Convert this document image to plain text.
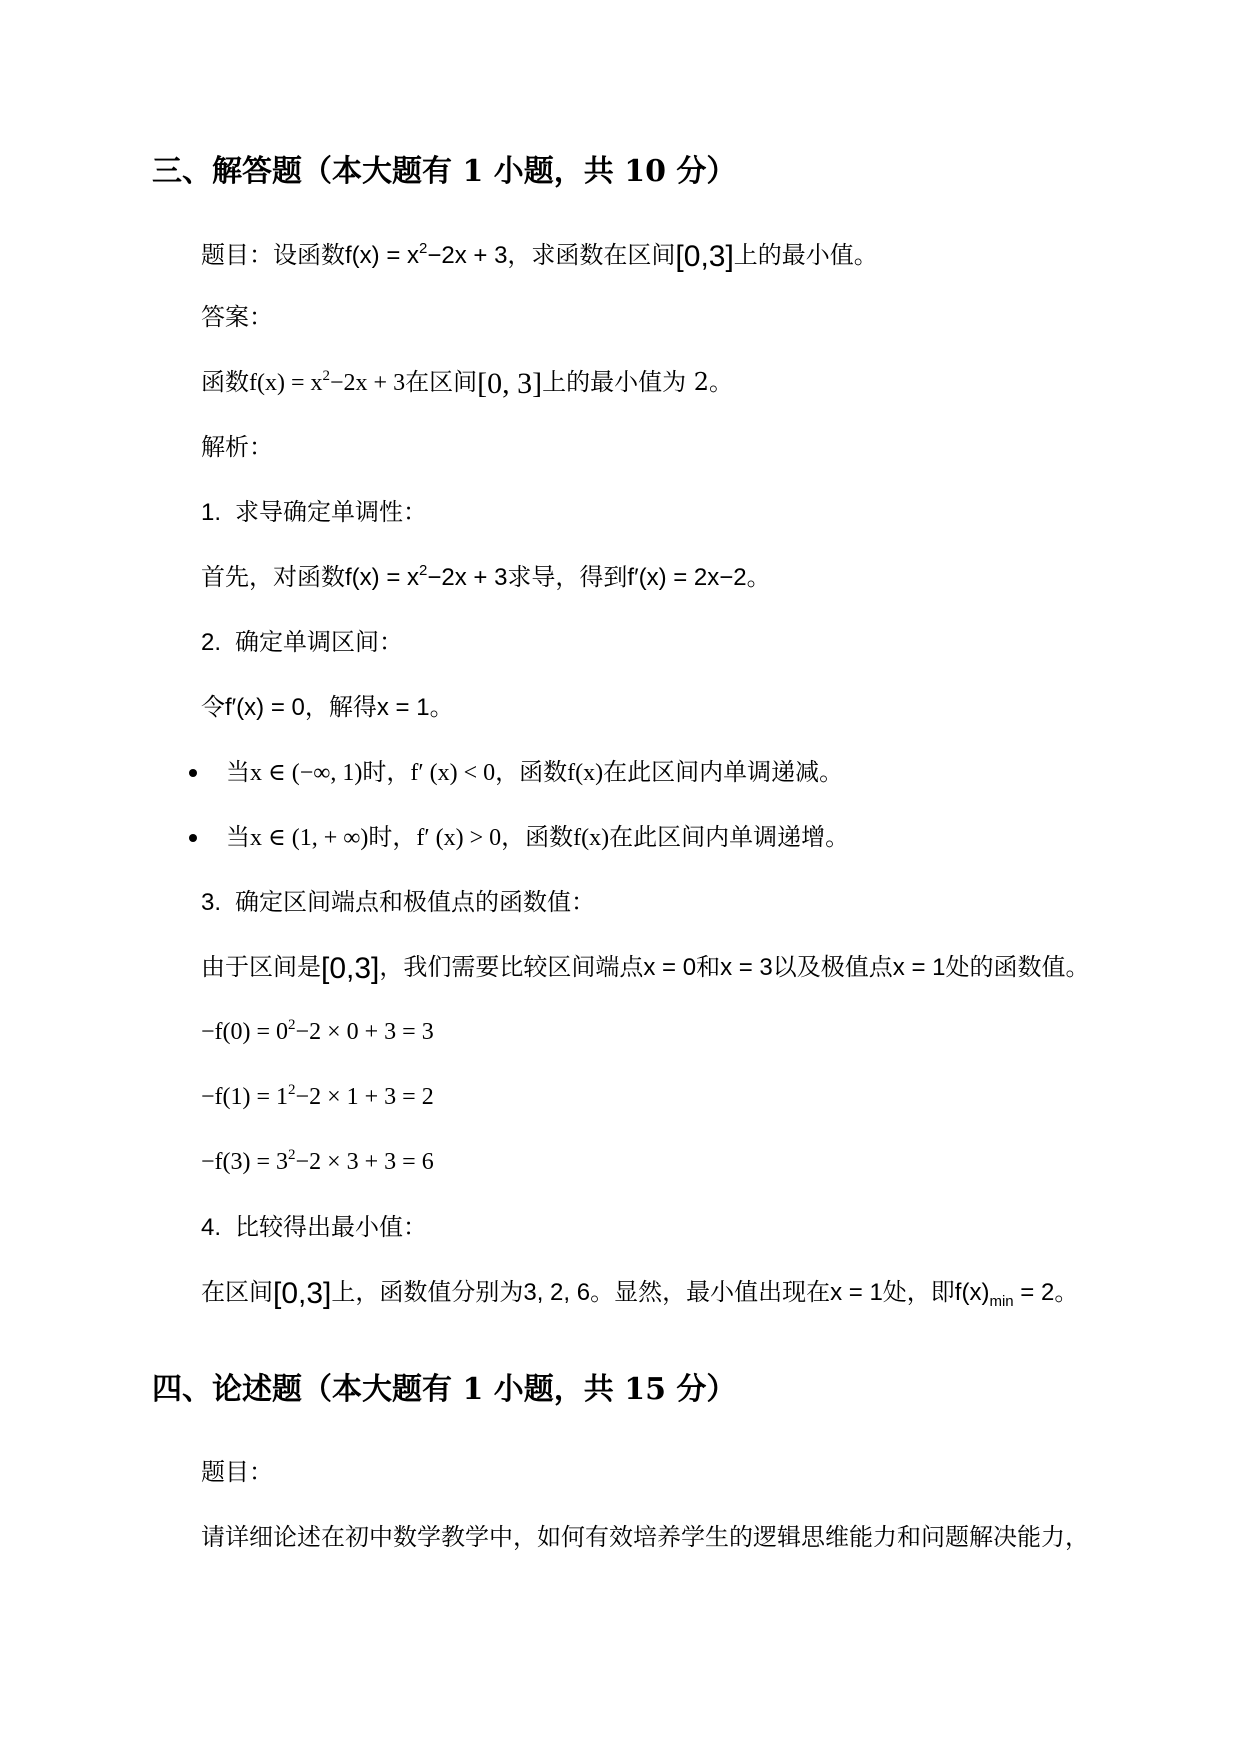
三、解答题（本大题有 1 小题，共 10 分）
题目：设函数$f(x) = x^2-2x + 3$，求函数在区间[0,3]上的最小值。
答案：
函数$f(x) = x^2-2x + 3$在区间[0, 3]上的最小值为 2。
解析：
1. 求导确定单调性：
首先，对函数$f(x) = x^2-2x + 3$求导，得到f′(x) = 2x−2。
2. 确定单调区间：
令f′(x) = 0，解得x = 1。
当x ∈ (−∞, 1)时，f′ (x) < 0，函数f(x)在此区间内单调递减。
当x ∈ (1, + ∞)时，f′ (x) > 0，函数f(x)在此区间内单调递增。
3. 确定区间端点和极值点的函数值：
由于区间是[0,3]，我们需要比较区间端点x = 0和x = 3以及极值点x = 1处的函数值。
$-f(0) = 0^2-2 \times 0 + 3 = 3$
$-f(1) = 1^2-2 \times 1 + 3 = 2$
$-f(3) = 3^2-2 \times 3 + 3 = 6$
4. 比较得出最小值：
在区间[0,3]上，函数值分别为3, 2, 6。显然，最小值出现在x = 1处，即$f(x)_{min} = 2$。
四、论述题（本大题有 1 小题，共 15 分）
题目：
请详细论述在初中数学教学中，如何有效培养学生的逻辑思维能力和问题解决能力，
